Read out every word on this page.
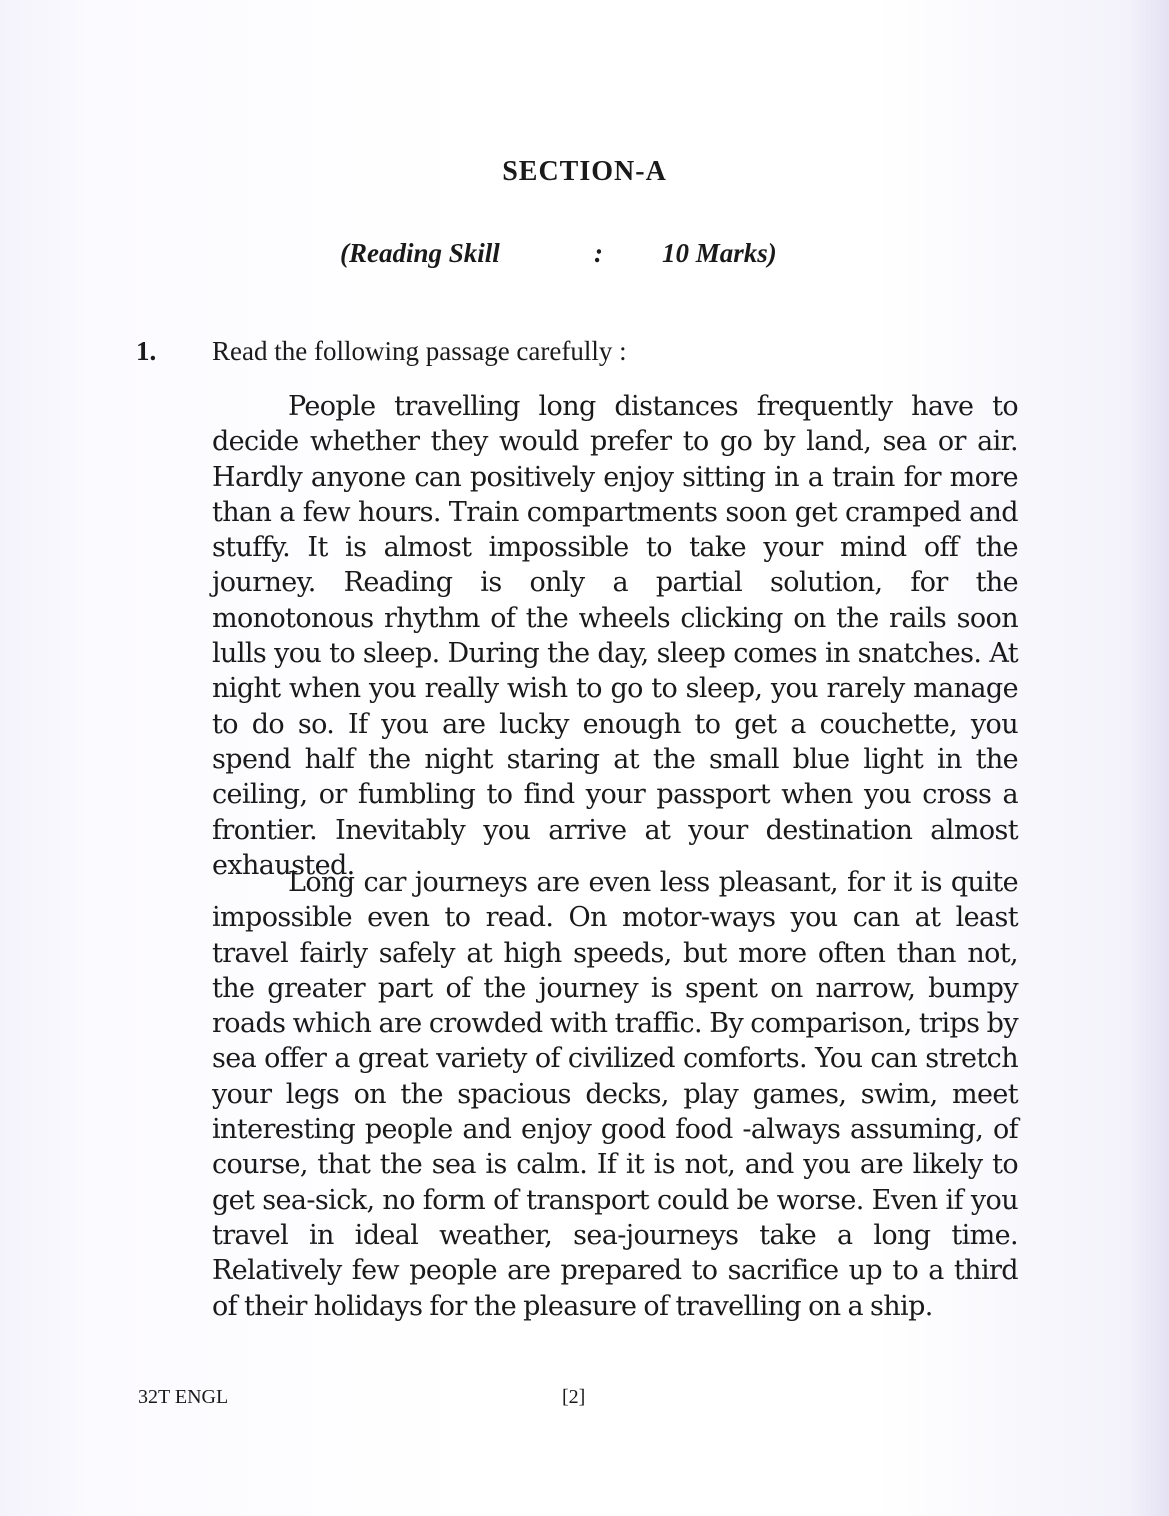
SECTION-A
(Reading Skill	: 10 Marks)
1. Read the following passage carefully :

People travelling long distances frequently have to decide whether they would prefer to go by land, sea or air. Hardly anyone can positively enjoy sitting in a train for more than a few hours. Train compartments soon get cramped and stuffy. It is almost impossible to take your mind off the journey. Reading is only a partial solution, for the monotonous rhythm of the wheels clicking on the rails soon lulls you to sleep. During the day, sleep comes in snatches. At night when you really wish to go to sleep, you rarely manage to do so. If you are lucky enough to get a couchette, you spend half the night staring at the small blue light in the ceiling, or fumbling to find your passport when you cross a frontier. Inevitably you arrive at your destination almost exhausted.

Long car journeys are even less pleasant, for it is quite impossible even to read. On motor-ways you can at least travel fairly safely at high speeds, but more often than not, the greater part of the journey is spent on narrow, bumpy roads which are crowded with traffic. By comparison, trips by sea offer a great variety of civilized comforts. You can stretch your legs on the spacious decks, play games, swim, meet interesting people and enjoy good food -always assuming, of course, that the sea is calm. If it is not, and you are likely to get sea-sick, no form of transport could be worse. Even if you travel in ideal weather, sea-journeys take a long time. Relatively few people are prepared to sacrifice up to a third of their holidays for the pleasure of travelling on a ship.

32T ENGL	[2]
